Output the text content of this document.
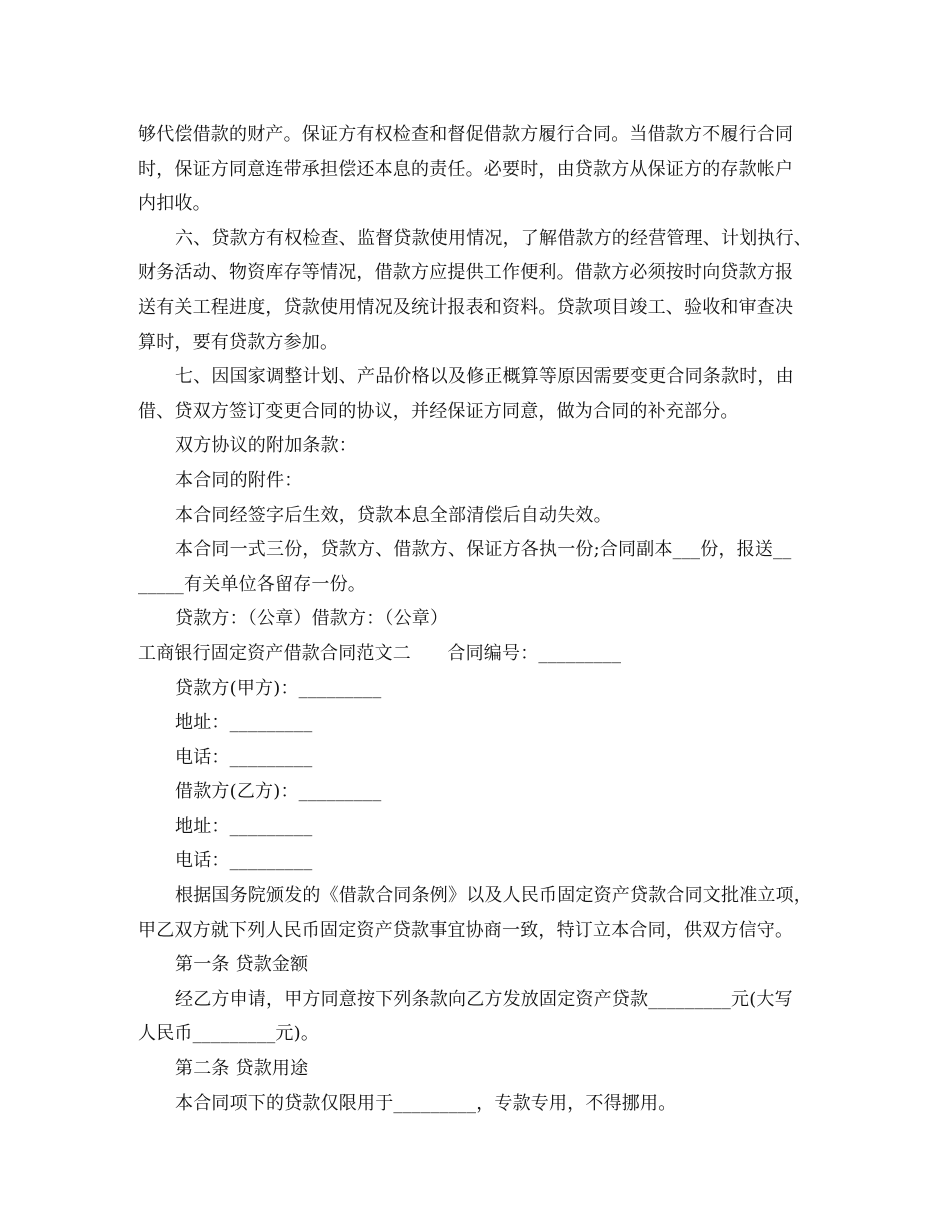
够代偿借款的财产。保证方有权检查和督促借款方履行合同。当借款方不履行合同
时，保证方同意连带承担偿还本息的责任。必要时，由贷款方从保证方的存款帐户
内扣收。
六、贷款方有权检查、监督贷款使用情况，了解借款方的经营管理、计划执行、
财务活动、物资库存等情况，借款方应提供工作便利。借款方必须按时向贷款方报
送有关工程进度，贷款使用情况及统计报表和资料。贷款项目竣工、验收和审查决
算时，要有贷款方参加。
七、因国家调整计划、产品价格以及修正概算等原因需要变更合同条款时，由
借、贷双方签订变更合同的协议，并经保证方同意，做为合同的补充部分。
双方协议的附加条款：
本合同的附件：
本合同经签字后生效，贷款本息全部清偿后自动失效。
本合同一式三份，贷款方、借款方、保证方各执一份;合同副本___份，报送__
_____有关单位各留存一份。
贷款方：（公章）借款方：（公章）
工商银行固定资产借款合同范文二　　合同编号：_________
贷款方(甲方)：_________
地址：_________
电话：_________
借款方(乙方)：_________
地址：_________
电话：_________
根据国务院颁发的《借款合同条例》以及人民币固定资产贷款合同文批准立项，
甲乙双方就下列人民币固定资产贷款事宜协商一致，特订立本合同，供双方信守。
第一条 贷款金额
经乙方申请，甲方同意按下列条款向乙方发放固定资产贷款_________元(大写
人民币_________元)。
第二条 贷款用途
本合同项下的贷款仅限用于_________，专款专用，不得挪用。
